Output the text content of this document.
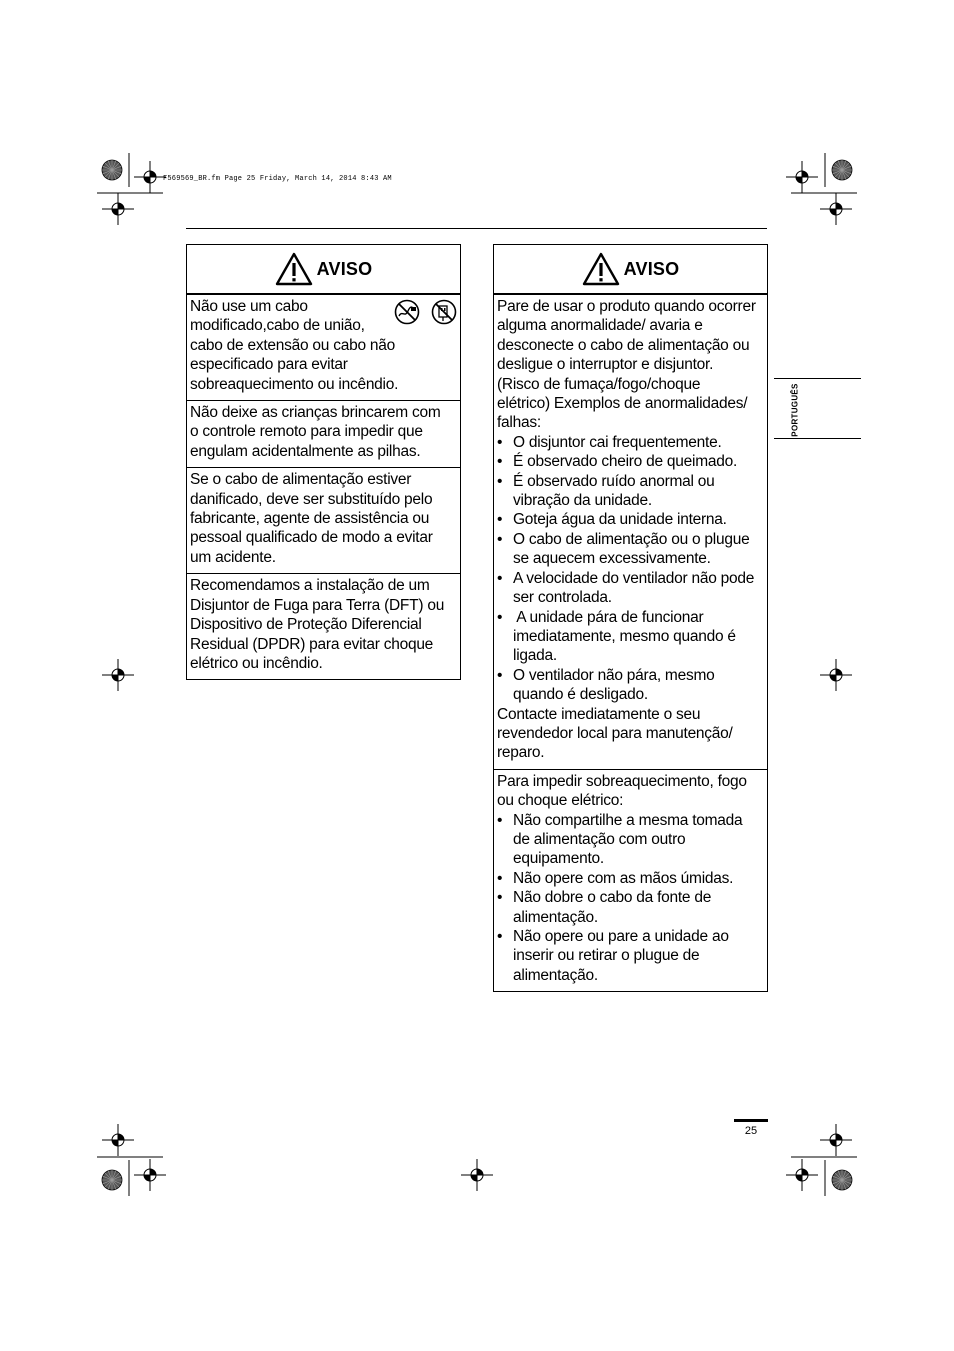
F569569_BR.fm Page 25 Friday, March 14, 2014 8:43 AM
AVISO

Não use um cabo

modificado,cabo de união,

cabo de extensão ou cabo não

especificado para evitar

sobreaquecimento ou incêndio.

Não deixe as crianças brincarem com

o controle remoto para impedir que

engulam acidentalmente as pilhas.

Se o cabo de alimentação estiver

danificado, deve ser substituído pelo

fabricante, agente de assistência ou

pessoal qualificado de modo a evitar

um acidente.

Recomendamos a instalação de um

Disjuntor de Fuga para Terra (DFT) ou

Dispositivo de Proteção Diferencial

Residual (DPDR) para evitar choque

elétrico ou incêndio.

AVISO

Pare de usar o produto quando ocorrer

alguma anormalidade/ avaria e

desconecte o cabo de alimentação ou

desligue o interruptor e disjuntor.

(Risco de fumaça/fogo/choque

elétrico) Exemplos de anormalidades/

falhas:

• O disjuntor cai frequentemente.
• É observado cheiro de queimado.
• É observado ruído anormal ou
vibração da unidade.
• Goteja água da unidade interna.
• O cabo de alimentação ou o plugue
se aquecem excessivamente.
• A velocidade do ventilador não pode
ser controlada.
•  A unidade pára de funcionar
imediatamente, mesmo quando é
ligada.
• O ventilador não pára, mesmo
quando é desligado.

Contacte imediatamente o seu

revendedor local para manutenção/

reparo.

Para impedir sobreaquecimento, fogo

ou choque elétrico:

• Não compartilhe a mesma tomada
de alimentação com outro
equipamento.
• Não opere com as mãos úmidas.
• Não dobre o cabo da fonte de
alimentação.
• Não opere ou pare a unidade ao
inserir ou retirar o plugue de
alimentação.
PORTUGUÊS
25
